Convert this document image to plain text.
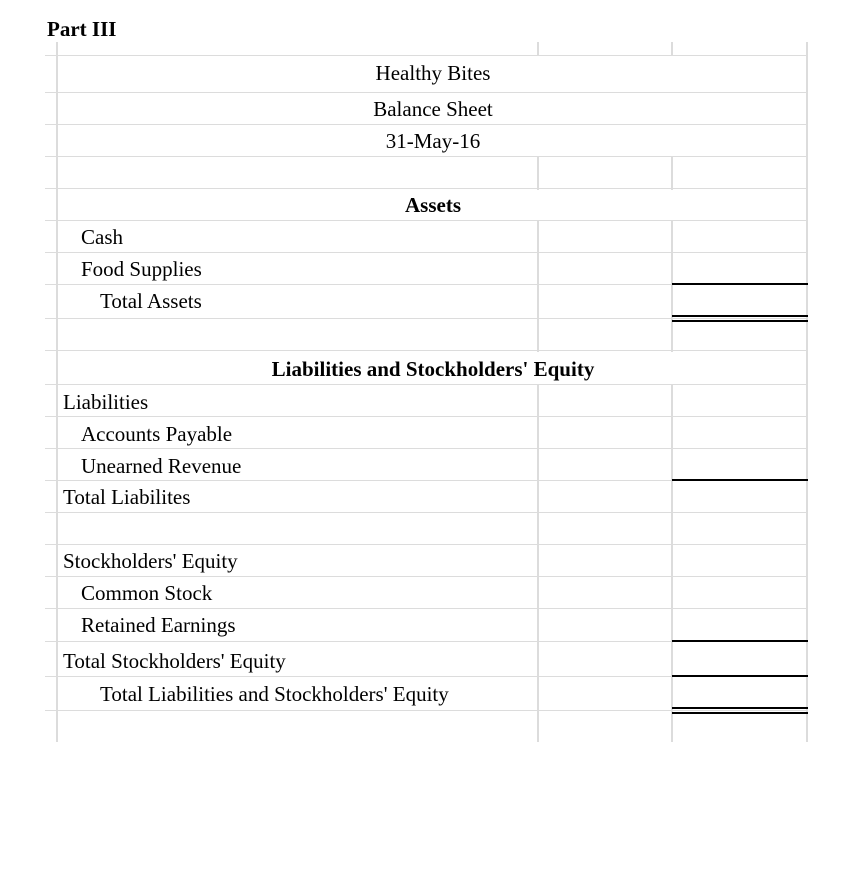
Part III
Healthy Bites
Balance Sheet
31-May-16
Assets
Cash
Food Supplies
Total Assets
Liabilities and Stockholders' Equity
Liabilities
Accounts Payable
Unearned Revenue
Total Liabilites
Stockholders' Equity
Common Stock
Retained Earnings
Total Stockholders' Equity
Total Liabilities and Stockholders' Equity
